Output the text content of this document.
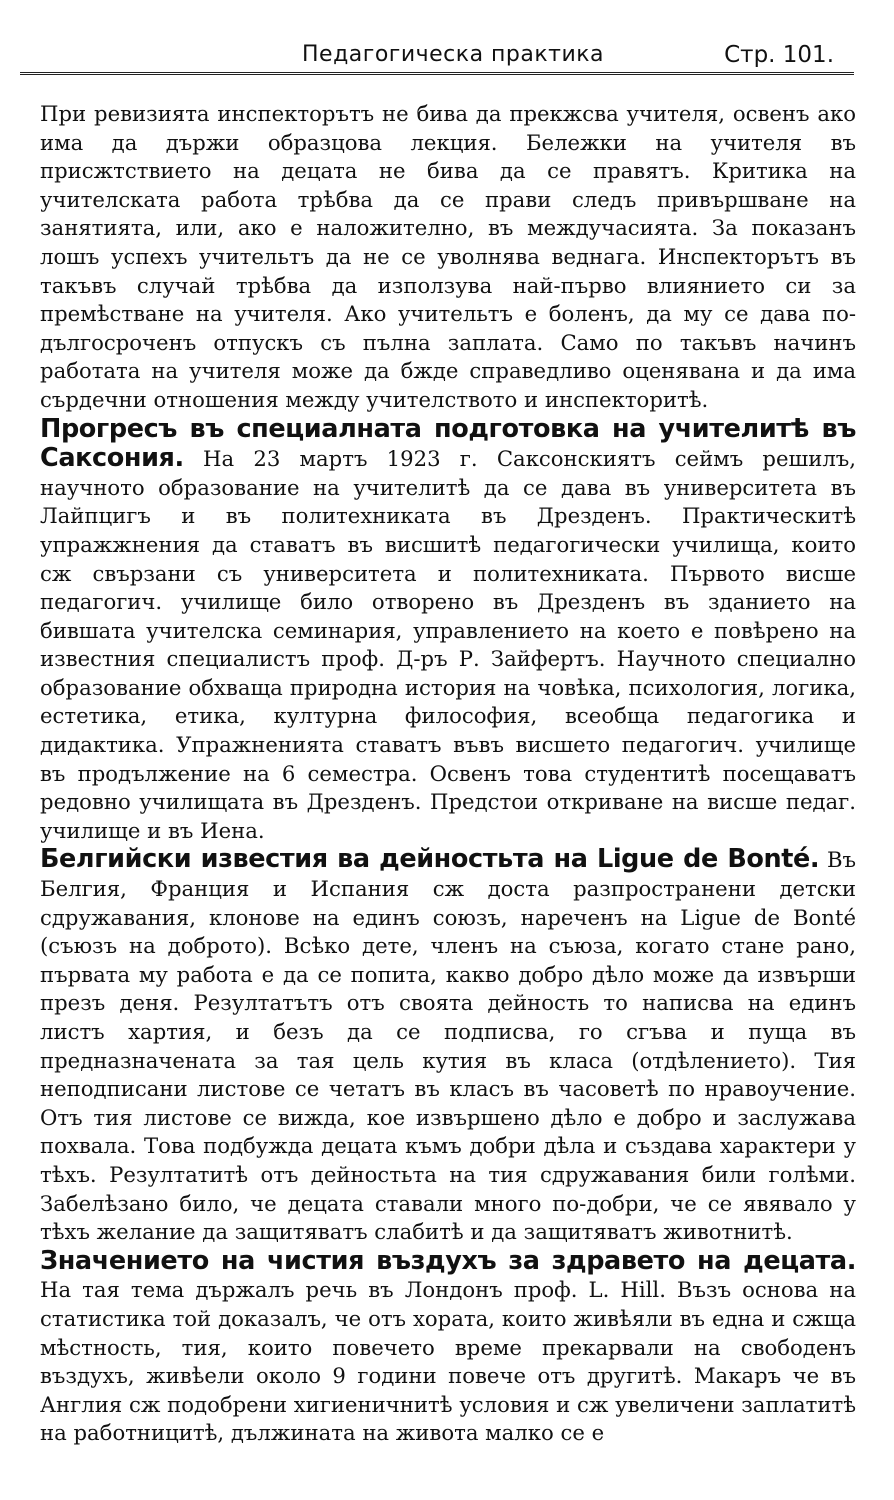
Педагогическа практика	Стр. 101.

При ревизията инспекторътъ не бива да прекжсва учителя, освенъ ако има да държи образцова лекция. Бележки на учителя въ присжтствието на децата не бива да се правятъ. Критика на учителската работа трѣбва да се прави следъ привършване на занятията, или, ако е наложително, въ междучасията. За показанъ лошъ успехъ учительтъ да не се уволнява веднага. Инспекторътъ въ такъвъ случай трѣбва да използува най-първо влиянието си за премѣстване на учителя. Ако учительтъ е боленъ, да му се дава по-дългосроченъ отпускъ съ пълна заплата. Само по такъвъ начинъ работата на учителя може да бжде справедливо оценявана и да има сърдечни отношения между учителството и инспекторитѣ.

Прогресъ въ специалната подготовка на учителитѣ въ Саксония. На 23 мартъ 1923 г. Саксонскиятъ сеймъ решилъ, научното образование на учителитѣ да се дава въ университета въ Лайпцигъ и въ политехниката въ Дрезденъ. Практическитѣ упражжнения да ставатъ въ висшитѣ педагогически училища, които сж свързани съ университета и политехниката. Първото висше педагогич. училище било отворено въ Дрезденъ въ зданието на бившата учителска семинария, управлението на което е повѣрено на известния специалистъ проф. Д-ръ Р. Зайфертъ. Научното специално образование обхваща природна история на човѣка, психология, логика, естетика, етика, културна философия, всеобща педагогика и дидактика. Упражненията ставатъ въвъ висшето педагогич. училище въ продължение на 6 семестра. Освенъ това студентитѣ посещаватъ редовно училищата въ Дрезденъ. Предстои откриване на висше педаг. училище и въ Иена.

Белгийски известия ва дейностьта на Ligue de Bonté. Въ Белгия, Франция и Испания сж доста разпространени детски сдружавания, клонове на единъ союзъ, нареченъ на Ligue de Bonté (съюзъ на доброто). Всѣко дете, членъ на съюза, когато стане рано, първата му работа е да се попита, какво добро дѣло може да извърши презъ деня. Резултатътъ отъ своята дейность то написва на единъ листъ хартия, и безъ да се подписва, го сгъва и пуща въ предназначената за тая цель кутия въ класа (отдѣлението). Тия неподписани листове се четатъ въ класъ въ часоветѣ по нравоучение. Отъ тия листове се вижда, кое извършено дѣло е добро и заслужава похвала. Това подбужда децата къмъ добри дѣла и създава характери у тѣхъ. Резултатитѣ отъ дейностьта на тия сдружавания били голѣми. Забелѣзано било, че децата ставали много по-добри, че се явявало у тѣхъ желание да защитяватъ слабитѣ и да защитяватъ животнитѣ.

Значението на чистия въздухъ за здравето на децата. На тая тема държалъ речь въ Лондонъ проф. L. Hill. Възъ основа на статистика той доказалъ, че отъ хората, които живѣяли въ една и сжща мѣстность, тия, които повечето време прекарвали на свободенъ въздухъ, живѣели около 9 години повече отъ другитѣ. Макаръ че въ Англия сж подобрени хигиеничнитѣ условия и сж увеличени заплатитѣ на работницитѣ, дължината на живота малко се е
